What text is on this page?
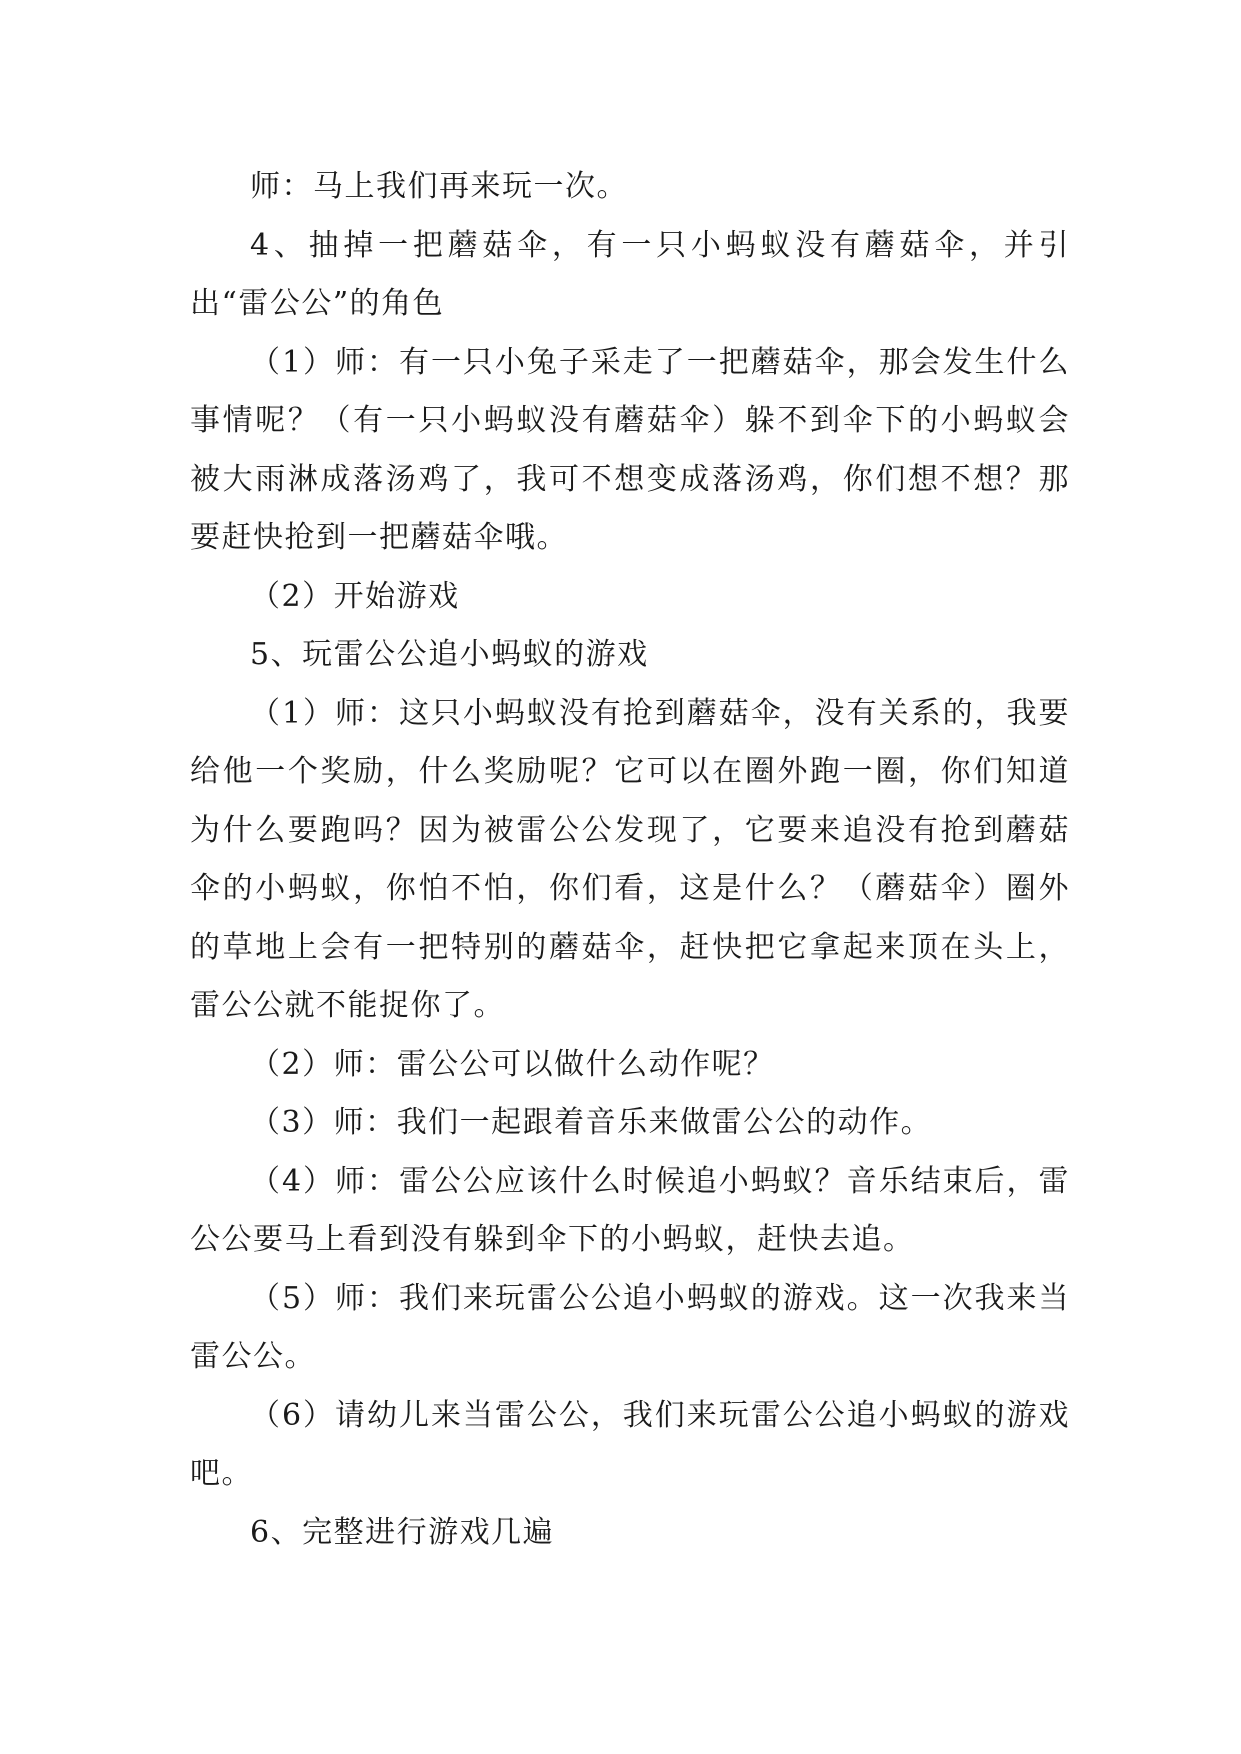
师：马上我们再来玩一次。

4、抽掉一把蘑菇伞，有一只小蚂蚁没有蘑菇伞，并引出“雷公公”的角色

（1）师：有一只小兔子采走了一把蘑菇伞，那会发生什么事情呢？（有一只小蚂蚁没有蘑菇伞）躲不到伞下的小蚂蚁会被大雨淋成落汤鸡了，我可不想变成落汤鸡，你们想不想？那要赶快抢到一把蘑菇伞哦。

（2）开始游戏

5、玩雷公公追小蚂蚁的游戏

（1）师：这只小蚂蚁没有抢到蘑菇伞，没有关系的，我要给他一个奖励，什么奖励呢？它可以在圈外跑一圈，你们知道为什么要跑吗？因为被雷公公发现了，它要来追没有抢到蘑菇伞的小蚂蚁，你怕不怕，你们看，这是什么？（蘑菇伞）圈外的草地上会有一把特别的蘑菇伞，赶快把它拿起来顶在头上，雷公公就不能捉你了。

（2）师：雷公公可以做什么动作呢？

（3）师：我们一起跟着音乐来做雷公公的动作。

（4）师：雷公公应该什么时候追小蚂蚁？音乐结束后，雷公公要马上看到没有躲到伞下的小蚂蚁，赶快去追。

（5）师：我们来玩雷公公追小蚂蚁的游戏。这一次我来当雷公公。

（6）请幼儿来当雷公公，我们来玩雷公公追小蚂蚁的游戏吧。

6、完整进行游戏几遍
